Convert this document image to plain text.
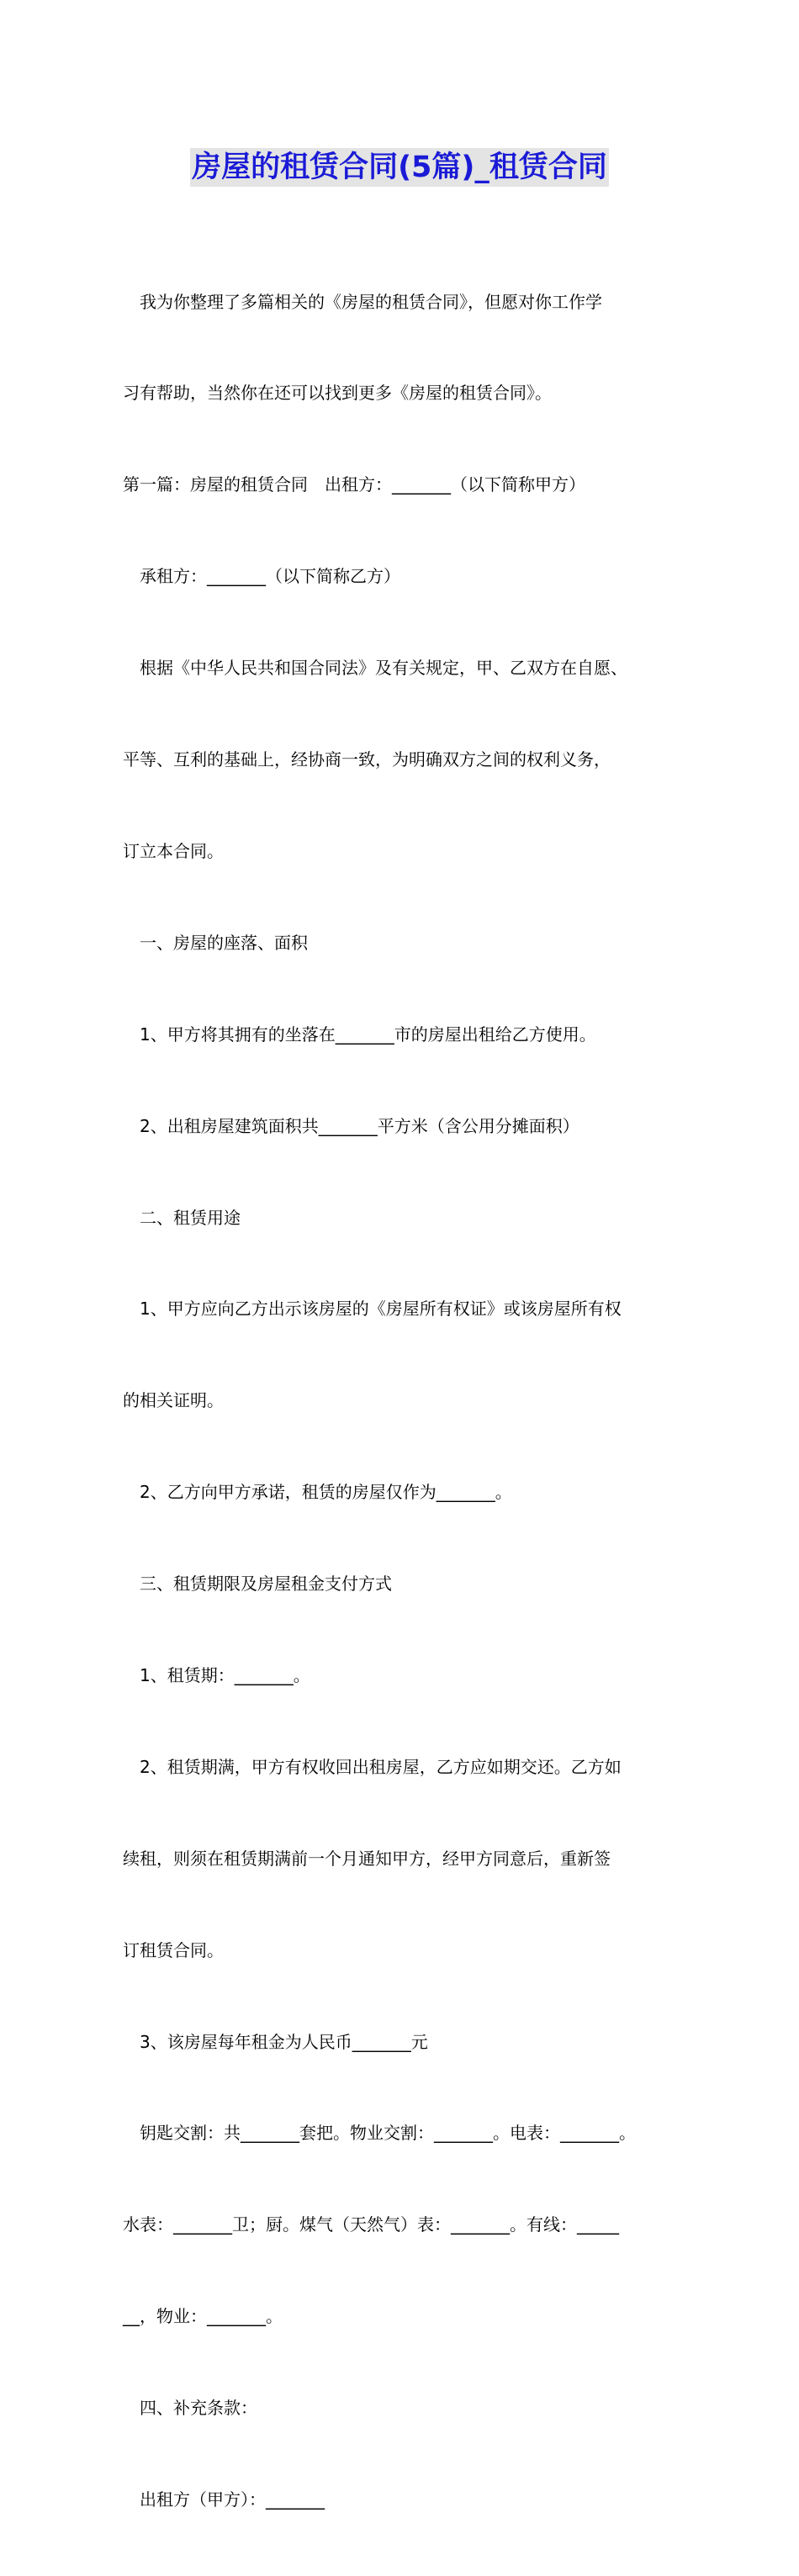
房屋的租赁合同(5篇)_租赁合同

我为你整理了多篇相关的《房屋的租赁合同》，但愿对你工作学

习有帮助，当然你在还可以找到更多《房屋的租赁合同》。

第一篇：房屋的租赁合同　出租方：_______（以下简称甲方）

承租方：_______（以下简称乙方）

根据《中华人民共和国合同法》及有关规定，甲、乙双方在自愿、

平等、互利的基础上，经协商一致，为明确双方之间的权利义务，

订立本合同。

一、房屋的座落、面积

1、甲方将其拥有的坐落在_______市的房屋出租给乙方使用。

2、出租房屋建筑面积共_______平方米（含公用分摊面积）

二、租赁用途

1、甲方应向乙方出示该房屋的《房屋所有权证》或该房屋所有权

的相关证明。

2、乙方向甲方承诺，租赁的房屋仅作为_______。

三、租赁期限及房屋租金支付方式

1、租赁期：_______。

2、租赁期满，甲方有权收回出租房屋，乙方应如期交还。乙方如

续租，则须在租赁期满前一个月通知甲方，经甲方同意后，重新签

订租赁合同。

3、该房屋每年租金为人民币_______元

钥匙交割：共_______套把。物业交割：_______。电表：_______。

水表：_______卫；厨。煤气（天然气）表：_______。有线：_____

__，物业：_______。

四、补充条款：

出租方（甲方）：_______
